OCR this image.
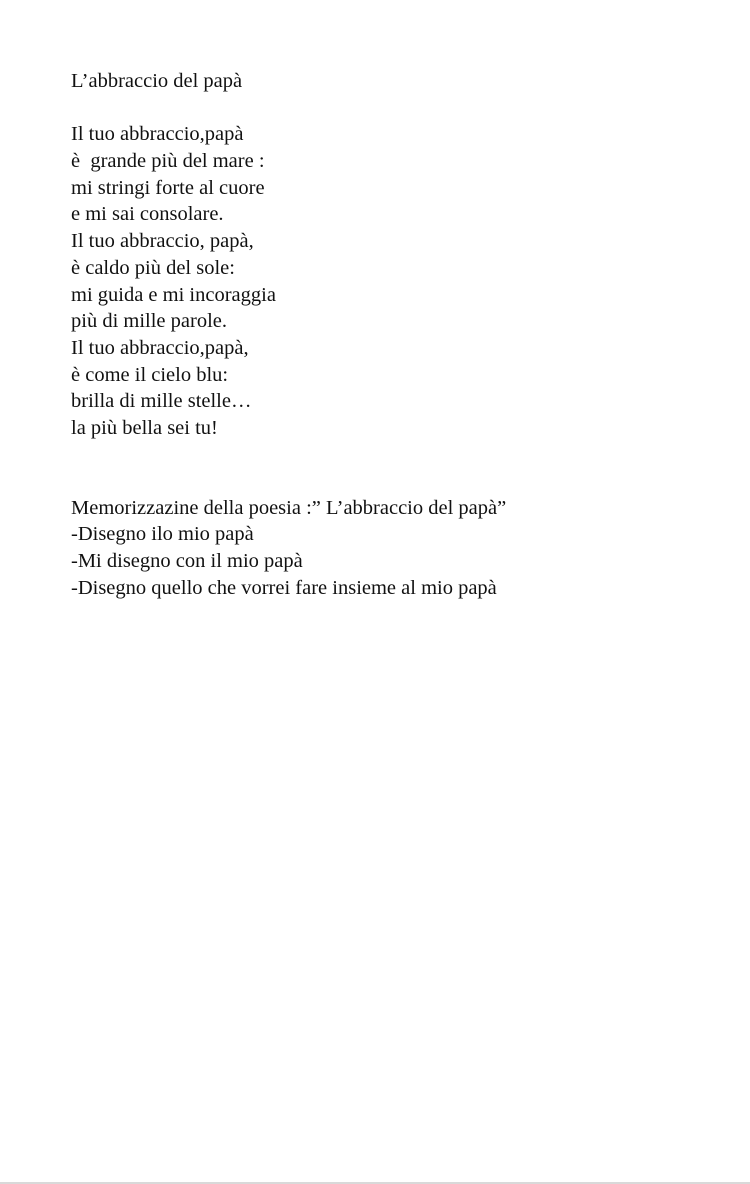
L’abbraccio del papà
Il tuo abbraccio,papà
è  grande più del mare :
mi stringi forte al cuore
e mi sai consolare.
Il tuo abbraccio, papà,
è caldo più del sole:
mi guida e mi incoraggia
più di mille parole.
Il tuo abbraccio,papà,
è come il cielo blu:
brilla di mille stelle…
la più bella sei tu!
Memorizzazine della poesia :” L’abbraccio del papà”
-Disegno ilo mio papà
-Mi disegno con il mio papà
-Disegno quello che vorrei fare insieme al mio papà
